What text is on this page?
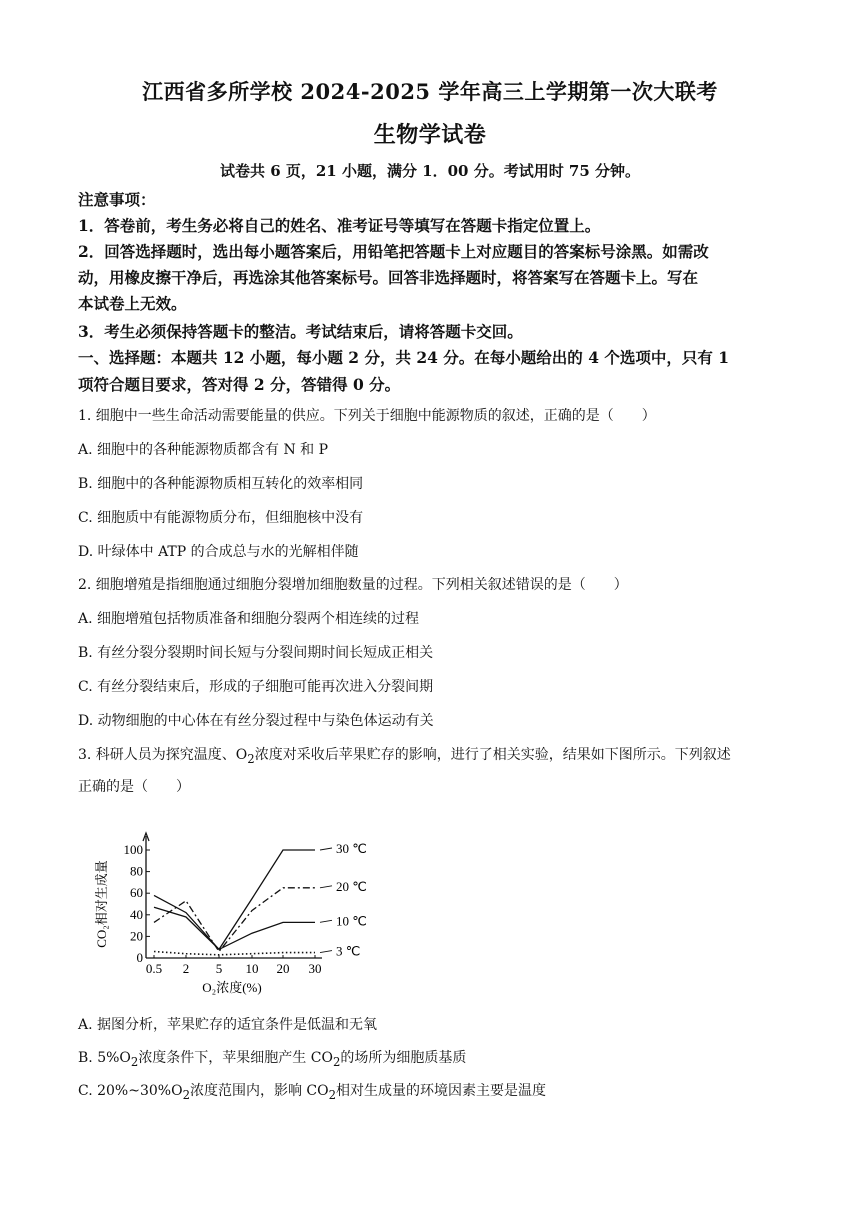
江西省多所学校 2024-2025 学年高三上学期第一次大联考
生物学试卷
试卷共 6 页，21 小题，满分 1．00 分。考试用时 75 分钟。
注意事项：
1．答卷前，考生务必将自己的姓名、准考证号等填写在答题卡指定位置上。
2．回答选择题时，选出每小题答案后，用铅笔把答题卡上对应题目的答案标号涂黑。如需改
动，用橡皮擦干净后，再选涂其他答案标号。回答非选择题时，将答案写在答题卡上。写在
本试卷上无效。
3．考生必须保持答题卡的整洁。考试结束后，请将答题卡交回。
一、选择题：本题共 12 小题，每小题 2 分，共 24 分。在每小题给出的 4 个选项中，只有 1
项符合题目要求，答对得 2 分，答错得 0 分。
1. 细胞中一些生命活动需要能量的供应。下列关于细胞中能源物质的叙述，正确的是（　　）
A. 细胞中的各种能源物质都含有 N 和 P
B. 细胞中的各种能源物质相互转化的效率相同
C. 细胞质中有能源物质分布，但细胞核中没有
D. 叶绿体中 ATP 的合成总与水的光解相伴随
2. 细胞增殖是指细胞通过细胞分裂增加细胞数量的过程。下列相关叙述错误的是（　　）
A. 细胞增殖包括物质准备和细胞分裂两个相连续的过程
B. 有丝分裂分裂期时间长短与分裂间期时间长短成正相关
C. 有丝分裂结束后，形成的子细胞可能再次进入分裂间期
D. 动物细胞的中心体在有丝分裂过程中与染色体运动有关
3. 科研人员为探究温度、$O_2$浓度对采收后苹果贮存的影响，进行了相关实验，结果如下图所示。下列叙述
正确的是（　　）
0
20
40
60
80
100
0.5 2 5 10 20 30
O₂浓度(%)
CO₂相对生成量
30 ℃
20 ℃
10 ℃
3 ℃
A. 据图分析，苹果贮存的适宜条件是低温和无氧
B. $5\%O_2$浓度条件下，苹果细胞产生 $CO_2$的场所为细胞质基质
C. $20\%\sim 30\%O_2$浓度范围内，影响 $CO_2$相对生成量的环境因素主要是温度
